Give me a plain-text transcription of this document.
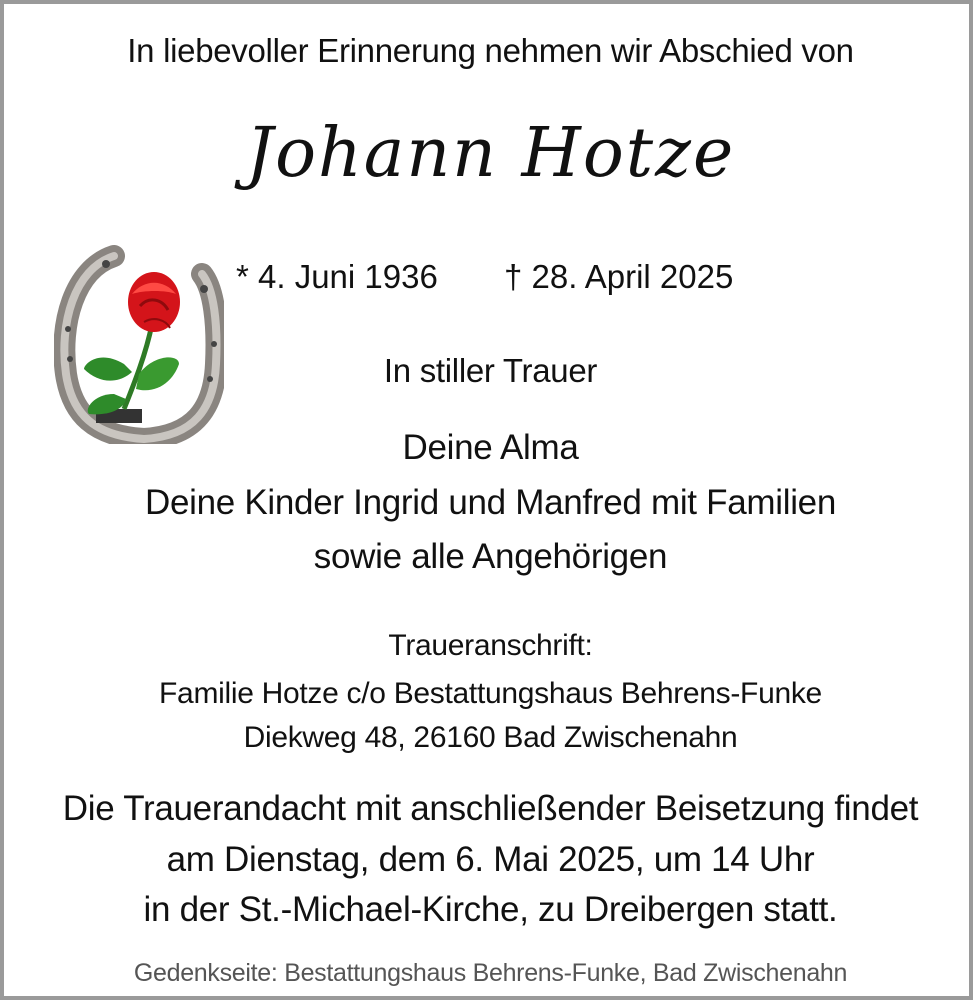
In liebevoller Erinnerung nehmen wir Abschied von
Johann Hotze
* 4. Juni 1936 † 28. April 2025
In stiller Trauer
Deine Alma
Deine Kinder Ingrid und Manfred mit Familien
sowie alle Angehörigen
Traueranschrift:
Familie Hotze c/o Bestattungshaus Behrens-Funke
Diekweg 48, 26160 Bad Zwischenahn
Die Trauerandacht mit anschließender Beisetzung findet
am Dienstag, dem 6. Mai 2025, um 14 Uhr
in der St.-Michael-Kirche, zu Dreibergen statt.
Gedenkseite: Bestattungshaus Behrens-Funke, Bad Zwischenahn
